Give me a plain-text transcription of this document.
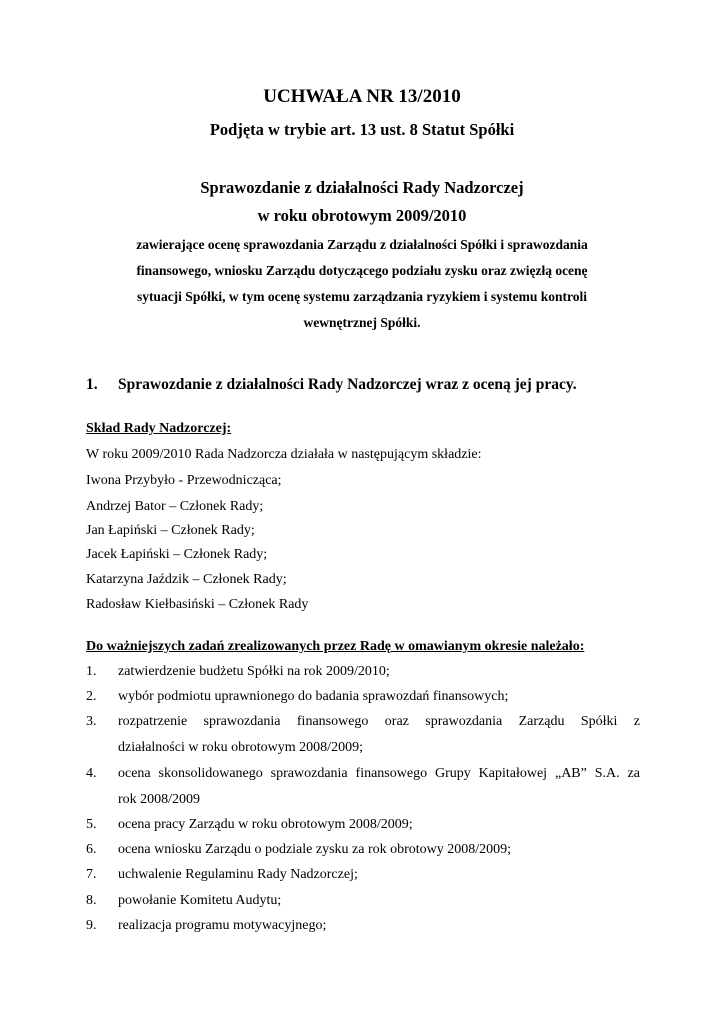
UCHWAŁA NR 13/2010
Podjęta w trybie art. 13 ust. 8 Statut Spółki
Sprawozdanie z działalności Rady Nadzorczej
w roku obrotowym 2009/2010
zawierające ocenę sprawozdania Zarządu z działalności Spółki i sprawozdania
finansowego, wniosku Zarządu dotyczącego podziału zysku oraz zwięzłą ocenę
sytuacji Spółki, w tym ocenę systemu zarządzania ryzykiem i systemu kontroli
wewnętrznej Spółki.
1. Sprawozdanie z działalności Rady Nadzorczej wraz z oceną jej pracy.
Skład Rady Nadzorczej:
W roku 2009/2010 Rada Nadzorcza działała w następującym składzie:
Iwona Przybyło - Przewodnicząca;
Andrzej Bator – Członek Rady;
Jan Łapiński – Członek Rady;
Jacek Łapiński – Członek Rady;
Katarzyna Jaździk – Członek Rady;
Radosław Kiełbasiński – Członek Rady
Do ważniejszych zadań zrealizowanych przez Radę w omawianym okresie należało:
1. zatwierdzenie budżetu Spółki na rok 2009/2010;
2. wybór podmiotu uprawnionego do badania sprawozdań finansowych;
3. rozpatrzenie sprawozdania finansowego oraz sprawozdania Zarządu Spółki z
działalności w roku obrotowym 2008/2009;
4. ocena skonsolidowanego sprawozdania finansowego Grupy Kapitałowej „AB” S.A. za
rok 2008/2009
5. ocena pracy Zarządu w roku obrotowym 2008/2009;
6. ocena wniosku Zarządu o podziale zysku za rok obrotowy 2008/2009;
7. uchwalenie Regulaminu Rady Nadzorczej;
8. powołanie Komitetu Audytu;
9. realizacja programu motywacyjnego;
